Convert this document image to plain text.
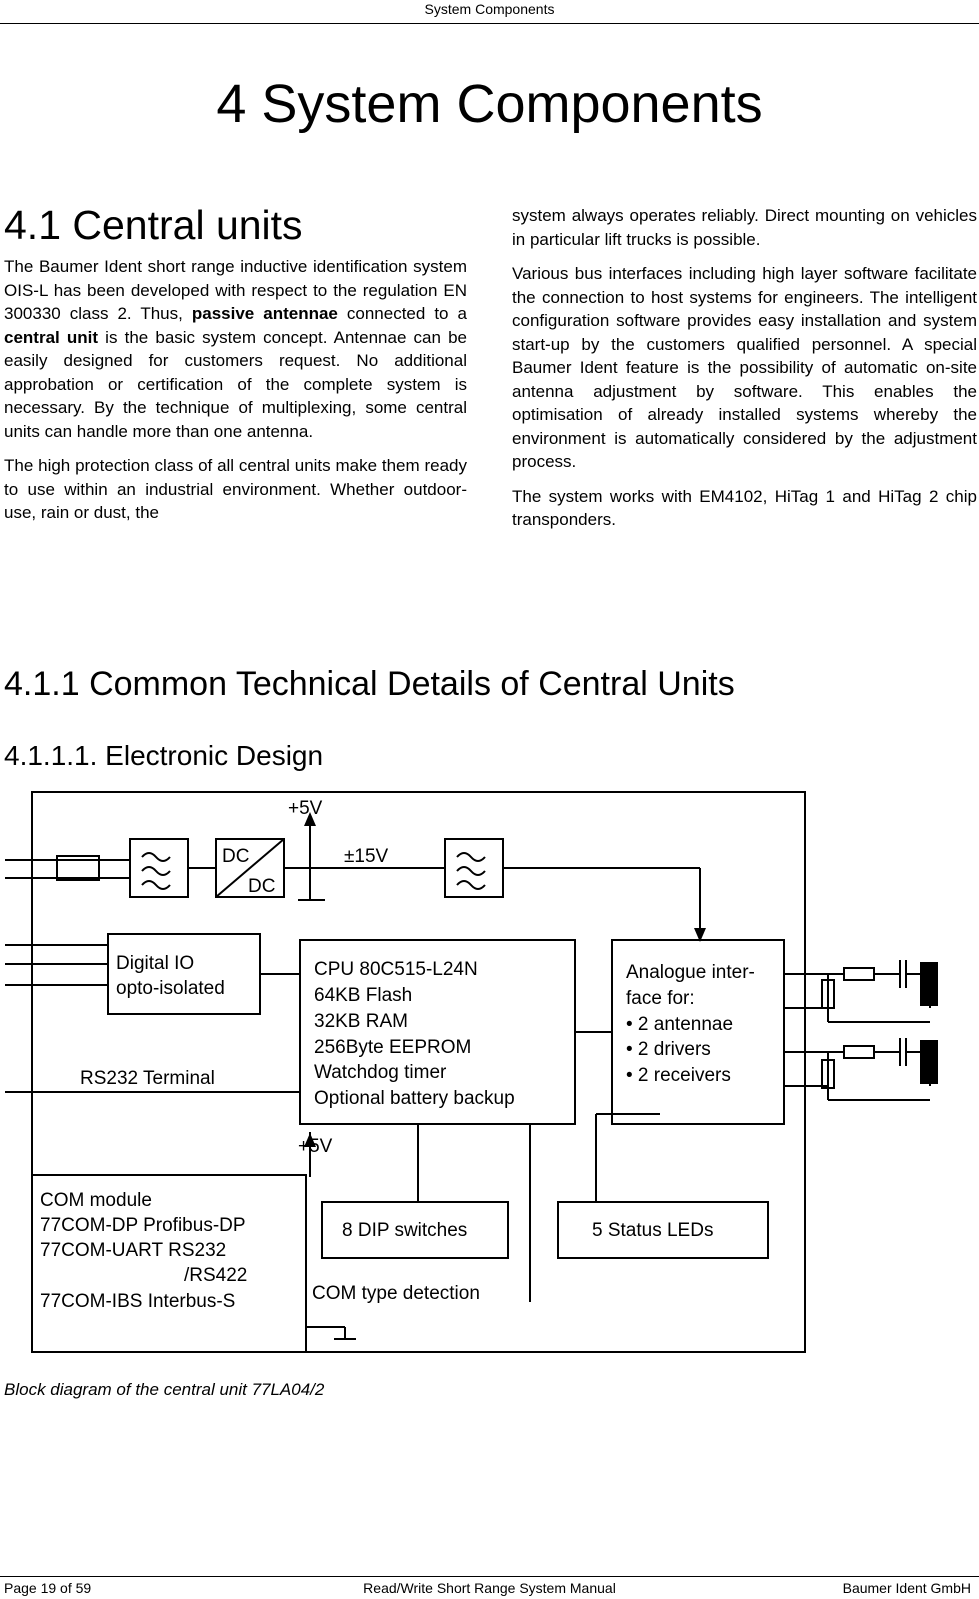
System Components
4 System Components
4.1 Central units

The Baumer Ident short range inductive identification system OIS-L has been developed with respect to the regulation EN 300330 class 2. Thus, passive antennae connected to a central unit is the basic system concept. Antennae can be easily designed for customers request. No additional approbation or certification of the complete system is necessary. By the technique of multiplexing, some central units can handle more than one antenna.

The high protection class of all central units make them ready to use within an industrial environment. Whether outdoor-use, rain or dust, the

system always operates reliably. Direct mounting on vehicles in particular lift trucks is possible.

Various bus interfaces including high layer software facilitate the connection to host systems for engineers. The intelligent configuration software provides easy installation and system start-up by the customers qualified personnel. A special Baumer Ident feature is the possibility of automatic on-site antenna adjustment by software. This enables the optimisation of already installed systems whereby the environment is automatically considered by the adjustment process.

The system works with EM4102, HiTag 1 and HiTag 2 chip transponders.

4.1.1 Common Technical Details of Central Units
4.1.1.1. Electronic Design
+5V
±15V
DC
DC
Digital IO
opto-isolated
CPU 80C515-L24N
64KB Flash
32KB RAM
256Byte EEPROM
Watchdog timer
Optional battery backup
Analogue inter-
face for:
• 2 antennae
• 2 drivers
• 2 receivers
RS232 Terminal
+5V
COM module
77COM-DP Profibus-DP
77COM-UART RS232
/RS422
77COM-IBS Interbus-S
8 DIP switches	5 Status LEDs
COM type detection
Block diagram of the central unit 77LA04/2
Page 19 of 59	Read/Write Short Range System Manual	Baumer Ident GmbH
